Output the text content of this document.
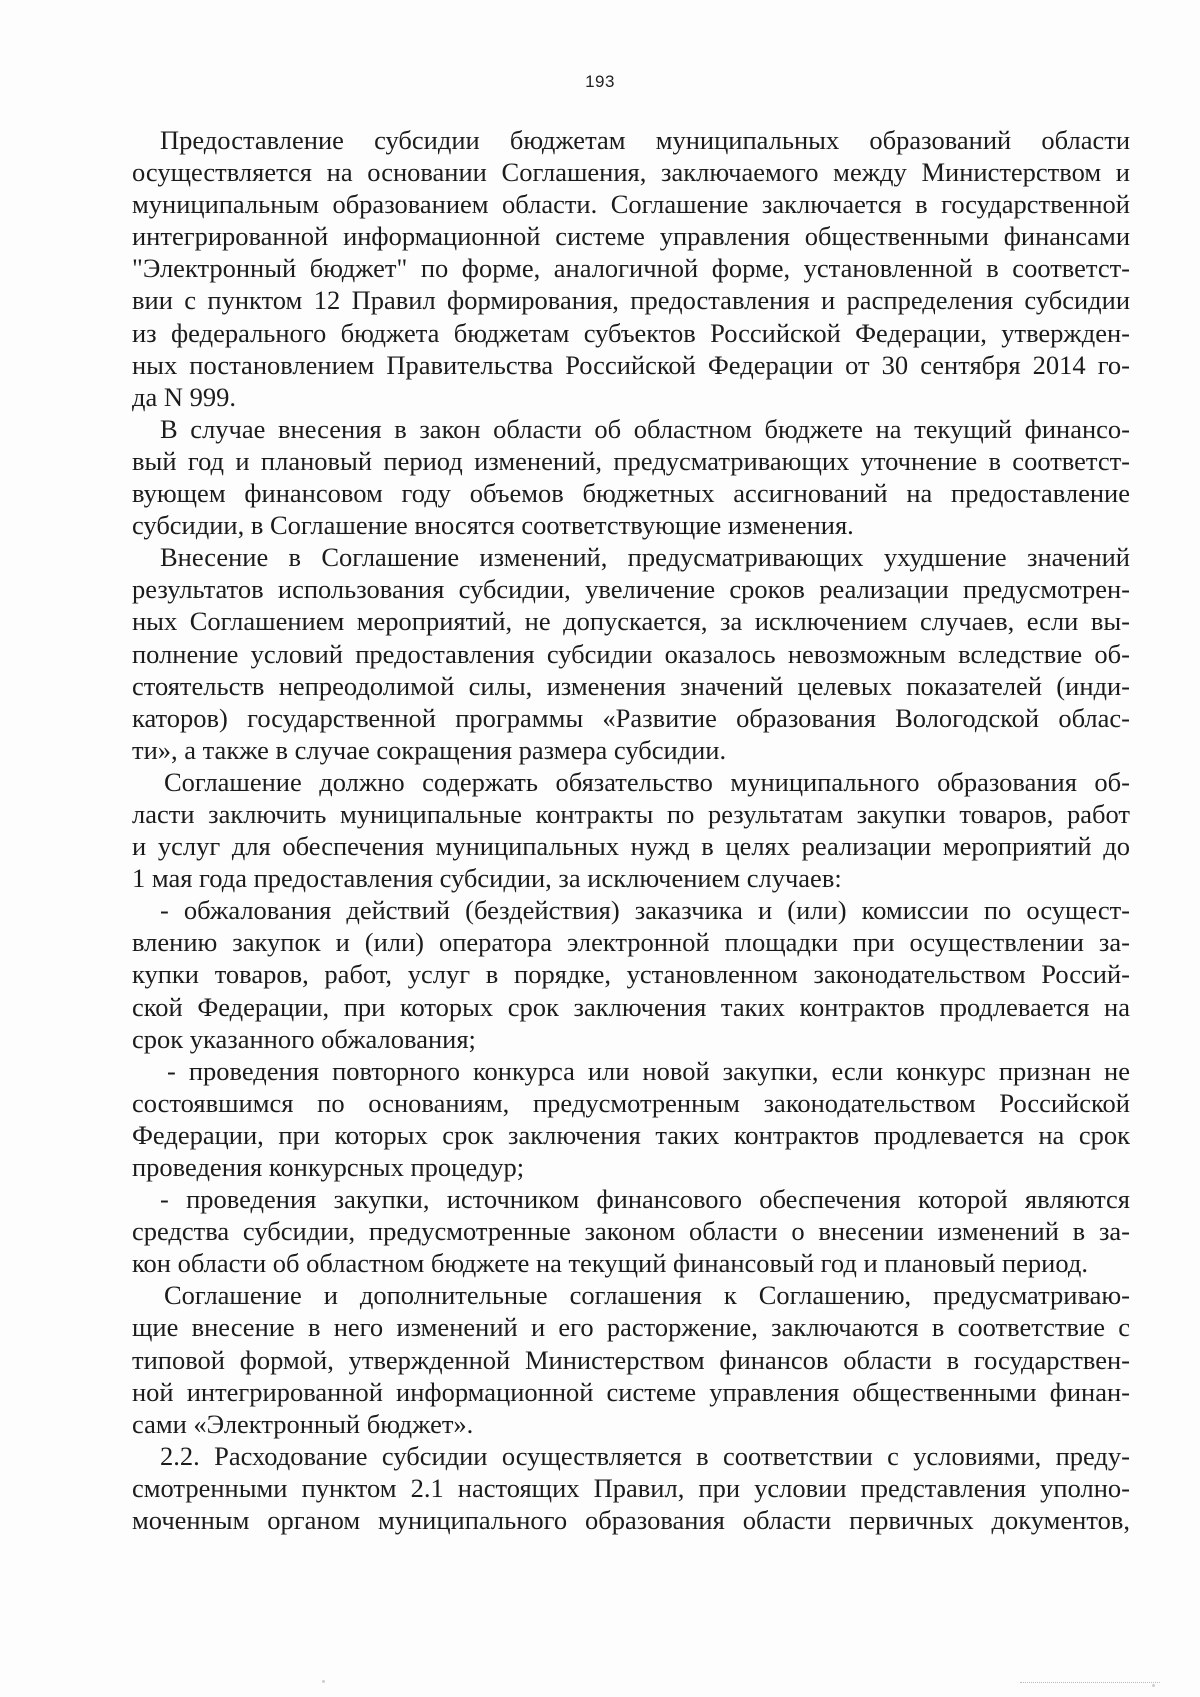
193
Предоставление субсидии бюджетам муниципальных образований области
осуществляется на основании Соглашения, заключаемого между Министерством и
муниципальным образованием области. Соглашение заключается в государственной
интегрированной информационной системе управления общественными финансами
"Электронный бюджет" по форме, аналогичной форме, установленной в соответст-
вии с пунктом 12 Правил формирования, предоставления и распределения субсидии
из федерального бюджета бюджетам субъектов Российской Федерации, утвержден-
ных постановлением Правительства Российской Федерации от 30 сентября 2014 го-
да N 999.
В случае внесения в закон области об областном бюджете на текущий финансо-
вый год и плановый период изменений, предусматривающих уточнение в соответст-
вующем финансовом году объемов бюджетных ассигнований на предоставление
субсидии, в Соглашение вносятся соответствующие изменения.
Внесение в Соглашение изменений, предусматривающих ухудшение значений
результатов использования субсидии, увеличение сроков реализации предусмотрен-
ных Соглашением мероприятий, не допускается, за исключением случаев, если вы-
полнение условий предоставления субсидии оказалось невозможным вследствие об-
стоятельств непреодолимой силы, изменения значений целевых показателей (инди-
каторов) государственной программы «Развитие образования Вологодской облас-
ти», а также в случае сокращения размера субсидии.
Соглашение должно содержать обязательство муниципального образования об-
ласти заключить муниципальные контракты по результатам закупки товаров, работ
и услуг для обеспечения муниципальных нужд в целях реализации мероприятий до
1 мая года предоставления субсидии, за исключением случаев:
- обжалования действий (бездействия) заказчика и (или) комиссии по осущест-
влению закупок и (или) оператора электронной площадки при осуществлении за-
купки товаров, работ, услуг в порядке, установленном законодательством Россий-
ской Федерации, при которых срок заключения таких контрактов продлевается на
срок указанного обжалования;
- проведения повторного конкурса или новой закупки, если конкурс признан не
состоявшимся по основаниям, предусмотренным законодательством Российской
Федерации, при которых срок заключения таких контрактов продлевается на срок
проведения конкурсных процедур;
- проведения закупки, источником финансового обеспечения которой являются
средства субсидии, предусмотренные законом области о внесении изменений в за-
кон области об областном бюджете на текущий финансовый год и плановый период.
Соглашение и дополнительные соглашения к Соглашению, предусматриваю-
щие внесение в него изменений и его расторжение, заключаются в соответствие с
типовой формой, утвержденной Министерством финансов области в государствен-
ной интегрированной информационной системе управления общественными финан-
сами «Электронный бюджет».
2.2. Расходование субсидии осуществляется в соответствии с условиями, преду-
смотренными пунктом 2.1 настоящих Правил, при условии представления уполно-
моченным органом муниципального образования области первичных документов,
